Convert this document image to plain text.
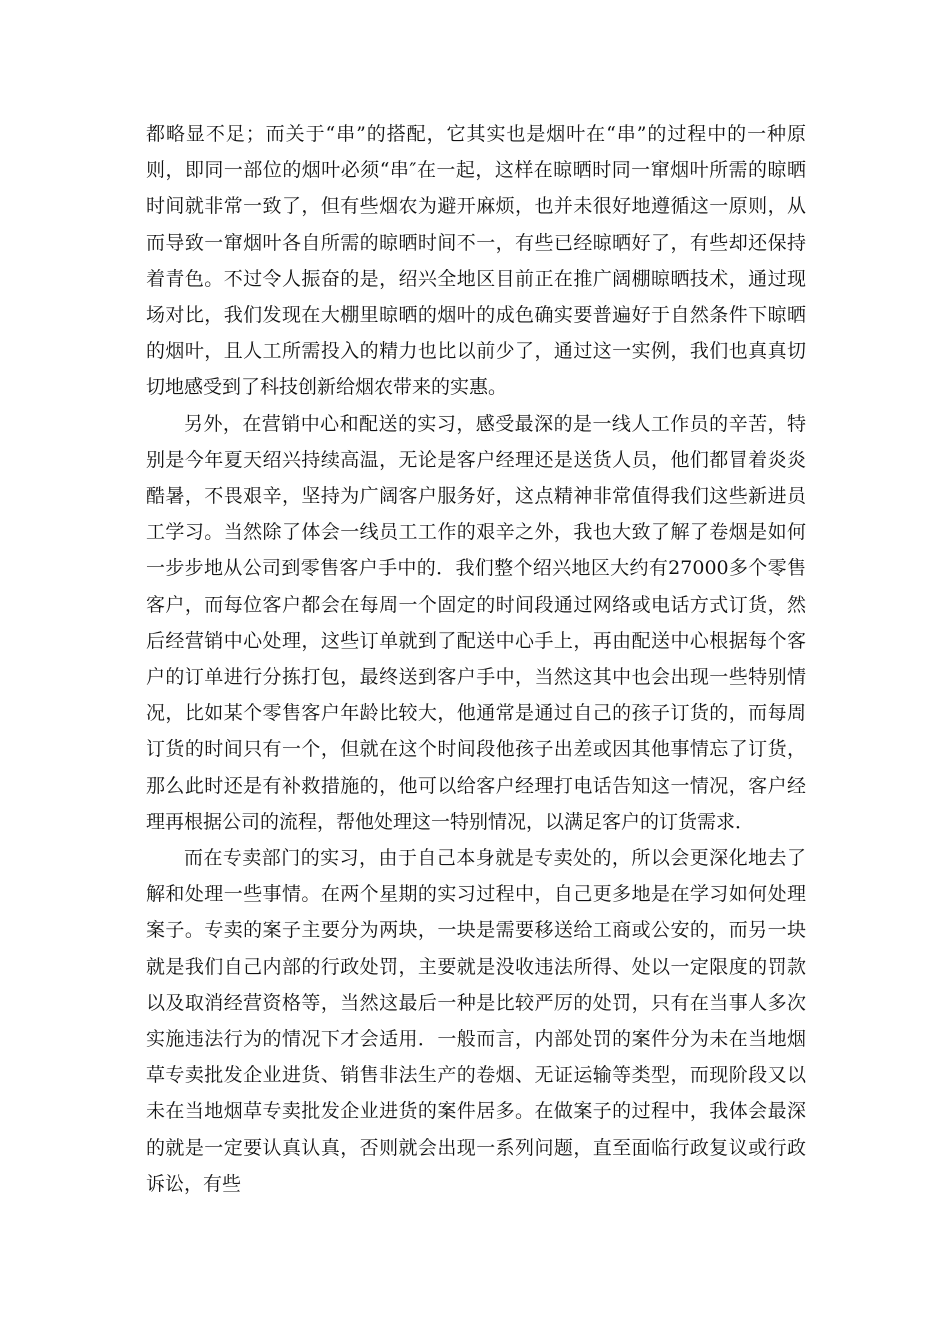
都略显不足；而关于“串”的搭配，它其实也是烟叶在“串”的过程中的一种原则，即同一部位的烟叶必须“串″在一起，这样在晾晒时同一窜烟叶所需的晾晒时间就非常一致了，但有些烟农为避开麻烦，也并未很好地遵循这一原则，从而导致一窜烟叶各自所需的晾晒时间不一，有些已经晾晒好了，有些却还保持着青色。不过令人振奋的是，绍兴全地区目前正在推广阔棚晾晒技术，通过现场对比，我们发现在大棚里晾晒的烟叶的成色确实要普遍好于自然条件下晾晒的烟叶，且人工所需投入的精力也比以前少了，通过这一实例，我们也真真切切地感受到了科技创新给烟农带来的实惠。

另外，在营销中心和配送的实习，感受最深的是一线人工作员的辛苦，特别是今年夏天绍兴持续高温，无论是客户经理还是送货人员，他们都冒着炎炎酷暑，不畏艰辛，坚持为广阔客户服务好，这点精神非常值得我们这些新进员工学习。当然除了体会一线员工工作的艰辛之外，我也大致了解了卷烟是如何一步步地从公司到零售客户手中的．我们整个绍兴地区大约有27000多个零售客户，而每位客户都会在每周一个固定的时间段通过网络或电话方式订货，然后经营销中心处理，这些订单就到了配送中心手上，再由配送中心根据每个客户的订单进行分拣打包，最终送到客户手中，当然这其中也会出现一些特别情况，比如某个零售客户年龄比较大，他通常是通过自己的孩子订货的，而每周订货的时间只有一个，但就在这个时间段他孩子出差或因其他事情忘了订货，那么此时还是有补救措施的，他可以给客户经理打电话告知这一情况，客户经理再根据公司的流程，帮他处理这一特别情况，以满足客户的订货需求．

而在专卖部门的实习，由于自己本身就是专卖处的，所以会更深化地去了解和处理一些事情。在两个星期的实习过程中，自己更多地是在学习如何处理案子。专卖的案子主要分为两块，一块是需要移送给工商或公安的，而另一块就是我们自己内部的行政处罚，主要就是没收违法所得、处以一定限度的罚款以及取消经营资格等，当然这最后一种是比较严厉的处罚，只有在当事人多次实施违法行为的情况下才会适用．一般而言，内部处罚的案件分为未在当地烟草专卖批发企业进货、销售非法生产的卷烟、无证运输等类型，而现阶段又以未在当地烟草专卖批发企业进货的案件居多。在做案子的过程中，我体会最深的就是一定要认真认真，否则就会出现一系列问题，直至面临行政复议或行政诉讼，有些
